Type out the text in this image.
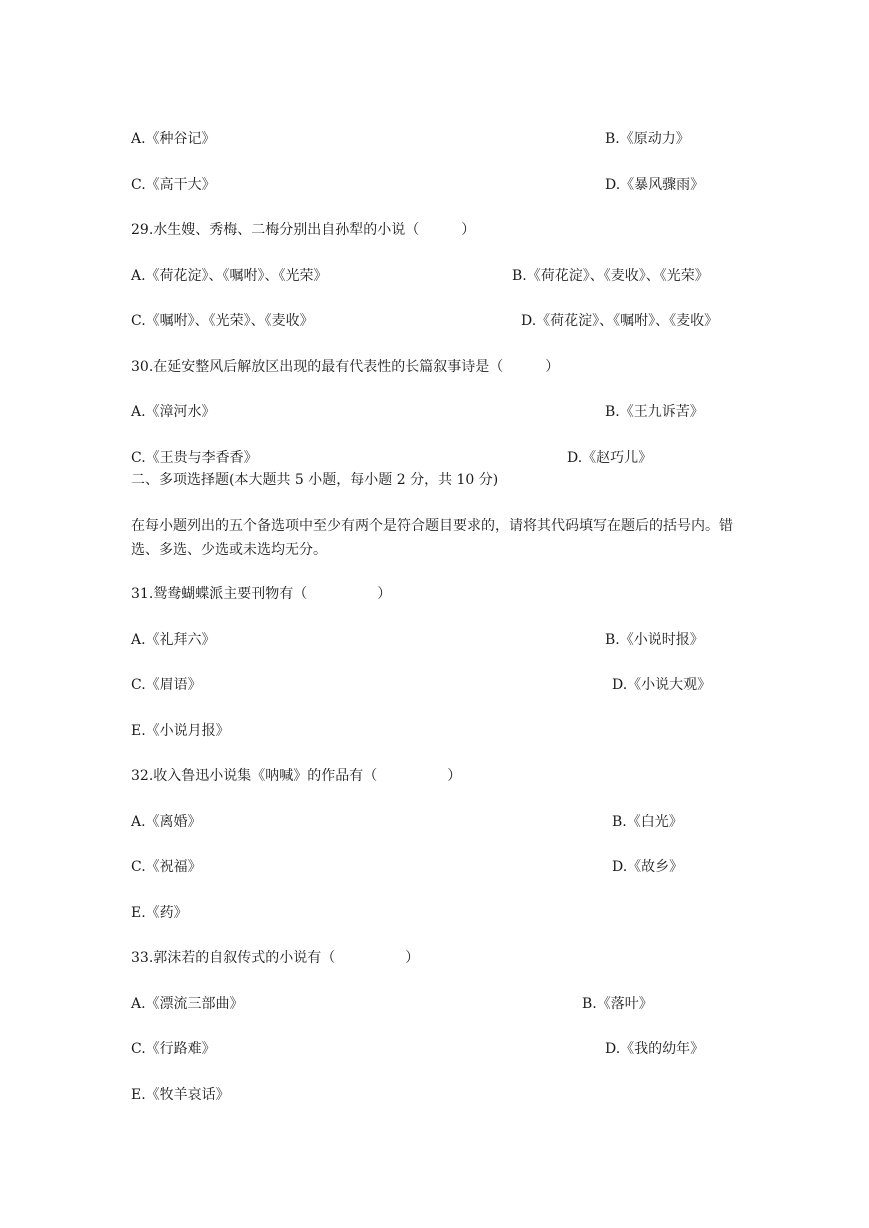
A.《种谷记》	B.《原动力》
C.《高干大》	D.《暴风骤雨》
29.水生嫂、秀梅、二梅分别出自孙犁的小说（　　　）
A.《荷花淀》、《嘱咐》、《光荣》	B.《荷花淀》、《麦收》、《光荣》
C.《嘱咐》、《光荣》、《麦收》	D.《荷花淀》、《嘱咐》、《麦收》
30.在延安整风后解放区出现的最有代表性的长篇叙事诗是（　　　）
A.《漳河水》	B.《王九诉苦》
C.《王贵与李香香》	D.《赵巧儿》
二、多项选择题(本大题共 5 小题，每小题 2 分，共 10 分)
在每小题列出的五个备选项中至少有两个是符合题目要求的，请将其代码填写在题后的括号内。错选、多选、少选或未选均无分。
31.鸳鸯蝴蝶派主要刊物有（　　　　　）
A.《礼拜六》	B.《小说时报》
C.《眉语》	D.《小说大观》
E.《小说月报》
32.收入鲁迅小说集《呐喊》的作品有（　　　　　）
A.《离婚》	B.《白光》
C.《祝福》	D.《故乡》
E.《药》
33.郭沫若的自叙传式的小说有（　　　　　）
A.《漂流三部曲》	B.《落叶》
C.《行路难》	D.《我的幼年》
E.《牧羊哀话》
